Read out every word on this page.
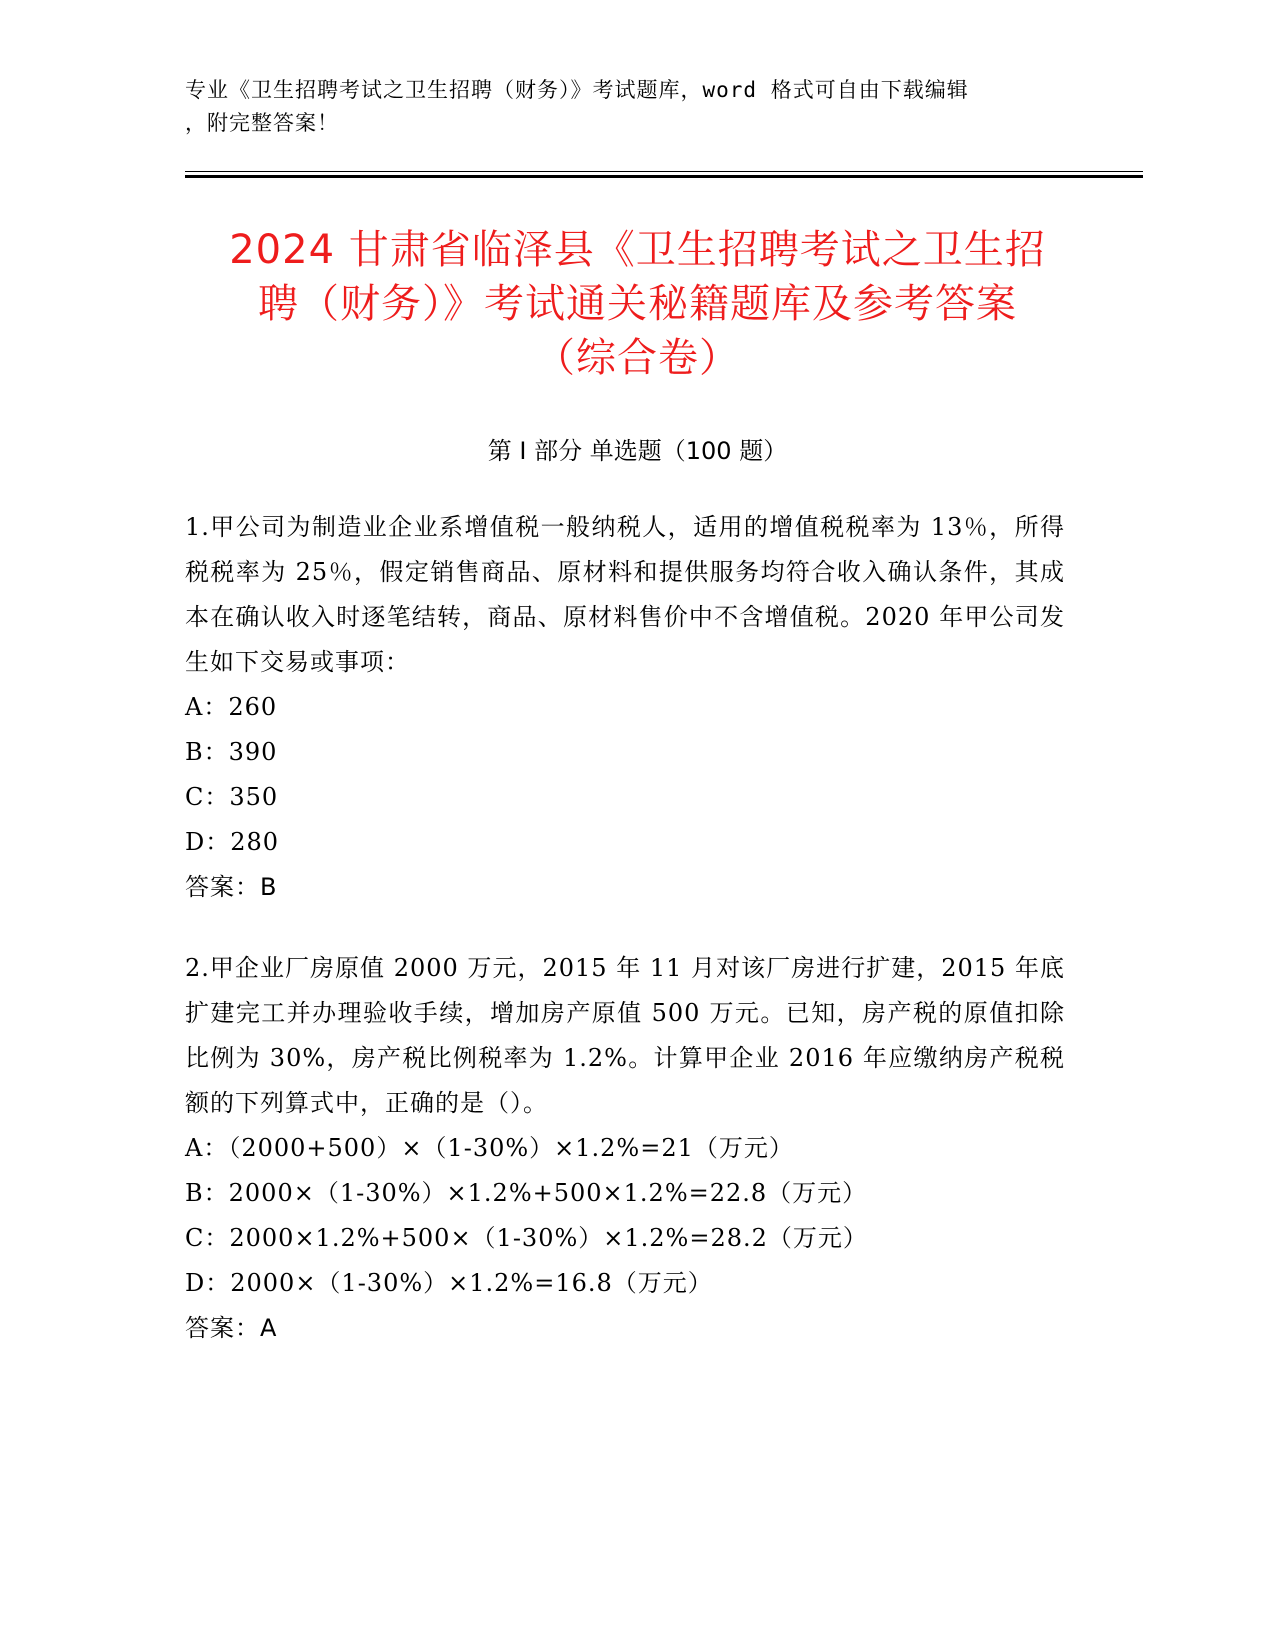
专业《卫生招聘考试之卫生招聘（财务）》考试题库，word 格式可自由下载编辑
，附完整答案！
2024 甘肃省临泽县《卫生招聘考试之卫生招
聘（财务）》考试通关秘籍题库及参考答案
（综合卷）
第 I 部分 单选题（100 题）
1.甲公司为制造业企业系增值税一般纳税人，适用的增值税税率为 13％，所得税税率为 25％，假定销售商品、原材料和提供服务均符合收入确认条件，其成本在确认收入时逐笔结转，商品、原材料售价中不含增值税。2020 年甲公司发生如下交易或事项：
A：260
B：390
C：350
D：280
答案：B
2.甲企业厂房原值 2000 万元，2015 年 11 月对该厂房进行扩建，2015 年底扩建完工并办理验收手续，增加房产原值 500 万元。已知，房产税的原值扣除比例为 30%，房产税比例税率为 1.2%。计算甲企业 2016 年应缴纳房产税税额的下列算式中，正确的是（）。
A：（2000+500）×（1-30%）×1.2%=21（万元）
B：2000×（1-30%）×1.2%+500×1.2%=22.8（万元）
C：2000×1.2%+500×（1-30%）×1.2%=28.2（万元）
D：2000×（1-30%）×1.2%=16.8（万元）
答案：A
